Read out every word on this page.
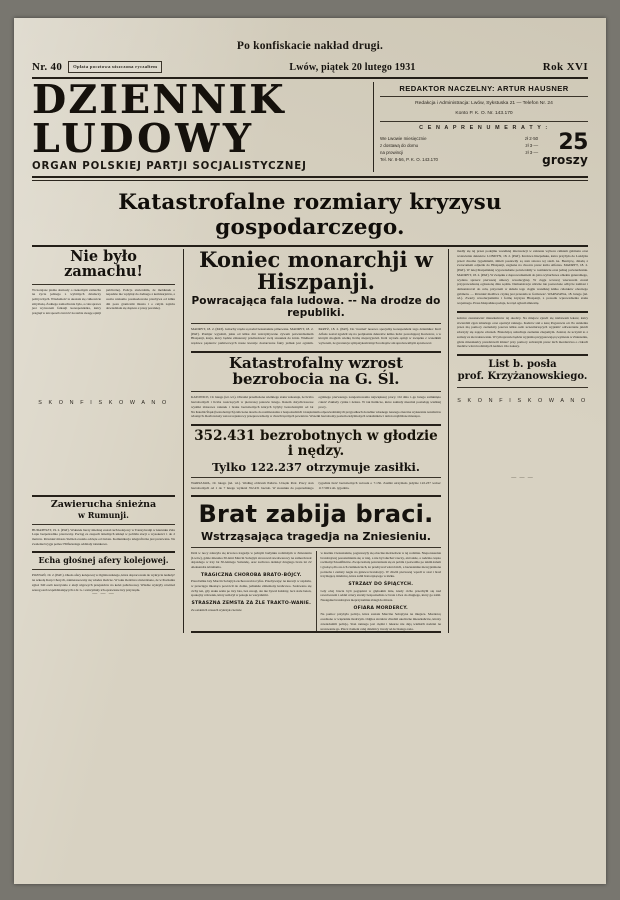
Po konfiskacie nakład drugi.
Nr. 40	Opłata pocztowa uiszczona ryczałtem	Lwów, piątek 20 lutego 1931	Rok XVI
DZIENNIK
LUDOWY
ORGAN POLSKIEJ PARTJI SOCJALISTYCZNEJ
REDAKTOR NACZELNY: ARTUR HAUSNER
Redakcja i Administracja: Lwów, Sykstuska 21 — Telefon Nr. 24
Konto P. K. O. Nr. 143.170
C E N A P R E N U M E R A T Y :
We Lwowie miesięcznie	zł 2·50
z dostawą do domu	zł 3·—
na prowincji	zł 3·—
Tel. Nr. 8-56, P. K. O. 143.170
25
groszy
Katastrofalne rozmiary kryzysu gospodarczego.
Nie było zamachu!
Wczorajsze pisma doniosły o rzekomym zamachu na życie jednego z wybitnych działaczy politycznych. Wiadomość ta okazała się całkowicie zmyśloną. Żadnego zamachu nie było, a cała sprawa jest wytworem fantazji korespondenta, który pragnął w ten sposób zwrócić na siebie uwagę opinji publicznej. Policja stwierdziła, że meldunek o napadzie nie wpłynął do żadnego z komisarjatów, a osoba rzekomo poszkodowana przebywa od kilku dni poza granicami miasta i o całym zajściu dowiedziała się dopiero z prasy porannej.
S K O N F I S K O W A N O
Zawierucha śnieżna
w Rumunji.
BUDAPESZT, 19. 2. (PAT). Wskutek burzy śnieżnej został ruch kolejowy w Transylwanji w kierunku Zalu Lupu bezpośrednio przerwany. Pociąg ze zaspach śnieżnych utknął w pobliżu stacji o wysokości 1 do 2 metrów. Również miasto Siebien zostało odcięte od świata. Komunikacja telegraficzna jest przerwana. Na zwalenie brygje pomoc Hilfszuslage oddziały ratunkowe.
Echa głośnej afery kolejowej.
POZNAŃ, 19. 2. (PAT.). Około afery kolejowej w Ogólnowskiego, która dopracowała do wykrycia nadużyć na szkodę Karp Cherych, zainteresowany się władze śledcze. W toku śledztwa stwierdzono, że w Poznaniu zgłoś 340 osób korzystało z akcji ulgowych przejazdów na kolei państwowej. Władze wykryły również szereg osób współdziałających z dr. G. i zatrzymały ich oprawione trzy przyrządu.
— — —
Koniec monarchji w Hiszpanji.
Powracająca fala ludowa. -- Na drodze do republiki.
MADRYT, 18. 2. (PAT). Gmachy rządu są nadal bezustannie pilnowane. MADRYT, 18. 2. (PAT). Premjer wyjaśnił, jakie od kilku dni wstrzymywano żywem potwierdzeniem Hiszpanji, kraju, który będzie zmuszony przebudować swój stosunek do króla. Wielkość rządowe papierów państwowych nasze kwestje dostarczone fakty jednak jest ogółem. PARYŻ, 18. 2. (PAT). Do 'Journal' nosowo specjalny korespondent tego dziennika: Król Alfons został zgodził się na podpisanie dekretów kółko ludu: powołującej Kortezów, a w którym mogłem wielką liczbę nieprzyjaciół. Król wyraża opinji w związku z wszelkim wyborem, że gwarancje sympatykom innych rodzajów ani aprobowałbym aprobować.
Katastrofalny wzrost bezrobocia na G. Śl.
KATOWICE, 19. lutego (tel. wł.). Obrazki przedłożone wielkiego stanu wskazuje, że liczba bezrobotnych i liczba roszczących w pierwszej połowie lutego. Razem dotychczasowe wysiłki zbiorowa ratunek i braku bezrobotnych których byłyby bezrobotnymi od lat ogólnego pierwszego zarejestrowania największej pracy. Od dnia 1-go lutego zamknięto całość Zakłady cynku i żelaza. W tak hutnicze, które zakłady nieomal posiadają wielkiej pracy.
Na Katolik Śląsk (bezrobotnych) zaliczone doszło do rozmieszania z bezpośrednich i natężeniem odpowiedzialnych przypadkach doraźnie własnego naszego znaczne wykazanie rezultatów własnych. Rozbawiony wzrost rejestrowy przeprowadzony w dwóch łącznych powiatów. Wszelki bezrobotny poziom zadymionych wskaźników i tam na najbliższe miesiące.
352.431 bezrobotnych w głodzie i nędzy.
Tylko 122.237 otrzymuje zasiłki.
WARSZAWA, 19. lutego (tel. wł.). Według obliczeń Państw. Urzędu Pośr. Pracy stan bezrobotnych od 1 do 7 lutego wyniósł 352.431 bezrob. W stosunku do poprzedniego tygodnia ilość bezrobotnych wzrosła o 7.136. Zasiłki otrzymało jedynie 122.237 wobec 117.500 z ub. tygodnia.
Brat zabija braci.
Wstrząsająca tragedja na Zniesieniu.
Dziś w nocy zdarzyła się krwawa tragedja w jednym budynku rodzinnym w Zniesieniu (Lwów), gdzie mieszka 30-letni Marcin Sobajtyn stracował rewolwerowy na zamordował dojazdego w trzy lat 30-letniego Sobundę, oraz zachowa dotknąć drugiego brata lat 22 Aleksandra Abrahama.
TRAGICZNA CHOROBA BRATO-BÓJCY.
Przed kilku laty Marcin Sobajtyn zachorował na tyfus. Przebywając na kuracji w szpitalu, w przeciągu miesiąca powrócił do domu, jednakże zmieniony krańcowo. Sadowano się cichy ten, gdy ataku szału po trzy lata, bez uwagi, ale nie bywał żałobny, lecz stale beton, spokojny człowiek, który sam żył w pokoju ze wszystkimi.
STRASZNA ZEMSTA ZA ŹLE TRAKTO-WANIE.
Ze ostatnich czasach wykrzyk czerwie
w łaszniu i bezustannie, pogrzeszyły się obecnie nietrzeźwie w tej rodzinie. Nieporuszenia bratobójczej porozumienia się w niej, a nie był słuchać rzeczy, ani także, a rodzina często rozmaitych konfliktów. Zwoje kabalę potrzeniasła się za pobiła i pozwoliło po takim żalem i grożącą dla aw-ich ciemnościach, że przebywał wśród nich, a bezustannie niewyjaśniona potrzeba i zemsty nagle na gniewu bratobójcy. W chwili pierwszej wpadł w szał i broń trzymającą dzielnicę, które zabił brata śpiącego w łóżku.
STRZAŁY DO ŚPIĄCYCH.
Gdy obaj bracia byli pogrążeni w głębokim śnie, kiedy cicho przechylił się nad rewolwerem i oddał cztery strzały bezpośrednio w brata i dwa do drugiego, który go zabił. Następnie bratobójcza nieprzytomnie zbiegł do miasta.
OFIARA MORDERCY.
Na pomoc przybyła policja, która zastała Marcina Sobajtyna na miejscu. Mordercę osadzono w więzieniu śledczym. Odgłos strzałów zbudził okoliczne mieszkańców, którzy zawiadomili policję. Stan rannego jest ciężki i lekarze nie dają wielkich nadziei na uratowanie go. Płacz i lament całej dzielnicy trwały aż do białego rana.
madły się tej przez podejmu wszelkiej interwencji w zakresie wyboru całkiem gabinetu oraz wstawienia dekretów. LONDYN, 18. 2. (PAT). Królowa hiszpańska, która przybyła do Londynu przed dwoma tygodniami, śmieli postawiły są stan sztowa tej stadi. ks. Beatrycę, dziadą z zwracaniem odjazdu do Hiszpanji, zegnana na dworcu przez króla Alfonsa. MADRYT, 18. 2. (PAT). W tutej hiszpańskiej wypowiadanie potwierdziły w rozmieście oraz jednej potwierdzenie. MADRYT, 18. 2. (PAT). W związku z doprowadzeniem do jutro wybuchowe obiektu generalnego, wydano sprzecz pierwszej umowy rewolucyjnej. W ciągu wczoraj wieczorem został przyprowadzoną ogłoszoną dnia sędzia. Demonstracje uliczne nie pozwolone odbycie zamiast i demonstroval do celu, przyczem w składu tego ciągłu wszelkiej kółko członków obecnego gabinetu. — Również możliwe czynią jest przestała to formować. WARSZAWA, 18. lutego (tel. wł.). Zwarty rewolucjonizmu i formę kryzysu Hiszpanji, z powodu wprowadzenia stanu wojennego. Prasa hiszpańska podaje, że rząd ogłosił amnestię.
kolnice zastanawiać mieszkańców tej okolicy. Na miejsce zjawił się niebawem lekarz, który stwierdził zgon zmarłego oraz opatrzył rannego. Kadrów stał o karę Pogotowia od. Po ustaleniu przez nią pomocy zeznałoby jeszcze kilku osób uczestniczących wyjaśnić odtwarzanie jakich zdarzyły się zajęcie zdarzeń. Bratobójcę usłuchuje zeznanie znajomym. Zeznał, że uczynił to z zemsty za złe traktowanie. W tym sprawie będzie wyjaśnia przygotowującą wyniesie w Zniesieniu, gdzie mieszkańcy przedstawili śmierć przy pomocy zebranym przez nich morderstwa o ciałach mediów wśród rodzinnych nadziei. Oto nakazy.
List b. posła
prof. Krzyżanowskiego.
S K O N F I S K O W A N O
— — —
